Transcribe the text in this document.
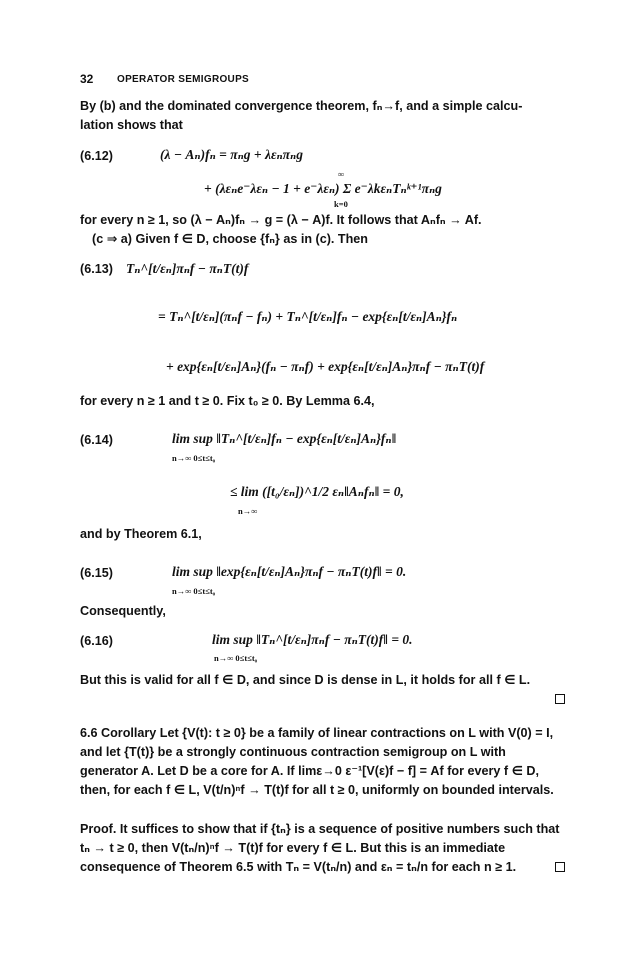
32 OPERATOR SEMIGROUPS
By (b) and the dominated convergence theorem, fₙ→f, and a simple calcu-
lation shows that
(6.12)	(λ − Aₙ)fₙ = πₙg + λεₙπₙg
∞
+ (λεₙe⁻λεₙ − 1 + e⁻λεₙ) Σ e⁻λkεₙTₙᵏ⁺¹πₙg
k=0
for every n ≥ 1, so (λ − Aₙ)fₙ → g = (λ − A)f. It follows that Aₙfₙ → Af.
(c ⇒ a) Given f ∈ D, choose {fₙ} as in (c). Then
(6.13) Tₙ^[t/εₙ]πₙf − πₙT(t)f
= Tₙ^[t/εₙ](πₙf − fₙ) + Tₙ^[t/εₙ]fₙ − exp{εₙ[t/εₙ]Aₙ}fₙ
+ exp{εₙ[t/εₙ]Aₙ}(fₙ − πₙf) + exp{εₙ[t/εₙ]Aₙ}πₙf − πₙT(t)f
for every n ≥ 1 and t ≥ 0. Fix t₀ ≥ 0. By Lemma 6.4,
(6.14)	lim sup ‖Tₙ^[t/εₙ]fₙ − exp{εₙ[t/εₙ]Aₙ}fₙ‖
n→∞ 0≤t≤t₀
≤ lim ([t₀/εₙ])^1/2 εₙ‖Aₙfₙ‖ = 0,
n→∞
and by Theorem 6.1,
(6.15)	lim sup ‖exp{εₙ[t/εₙ]Aₙ}πₙf − πₙT(t)f‖ = 0.
n→∞ 0≤t≤t₀
Consequently,
(6.16)	lim sup ‖Tₙ^[t/εₙ]πₙf − πₙT(t)f‖ = 0.
n→∞ 0≤t≤t₀
But this is valid for all f ∈ D, and since D is dense in L, it holds for all f ∈ L.
6.6 Corollary Let {V(t): t ≥ 0} be a family of linear contractions on L with V(0) = I, and let {T(t)} be a strongly continuous contraction semigroup on L with generator A. Let D be a core for A. If limε→0 ε⁻¹[V(ε)f − f] = Af for every f ∈ D, then, for each f ∈ L, V(t/n)ⁿf → T(t)f for all t ≥ 0, uniformly on bounded intervals.
Proof. It suffices to show that if {tₙ} is a sequence of positive numbers such that tₙ → t ≥ 0, then V(tₙ/n)ⁿf → T(t)f for every f ∈ L. But this is an immediate consequence of Theorem 6.5 with Tₙ = V(tₙ/n) and εₙ = tₙ/n for each n ≥ 1.
